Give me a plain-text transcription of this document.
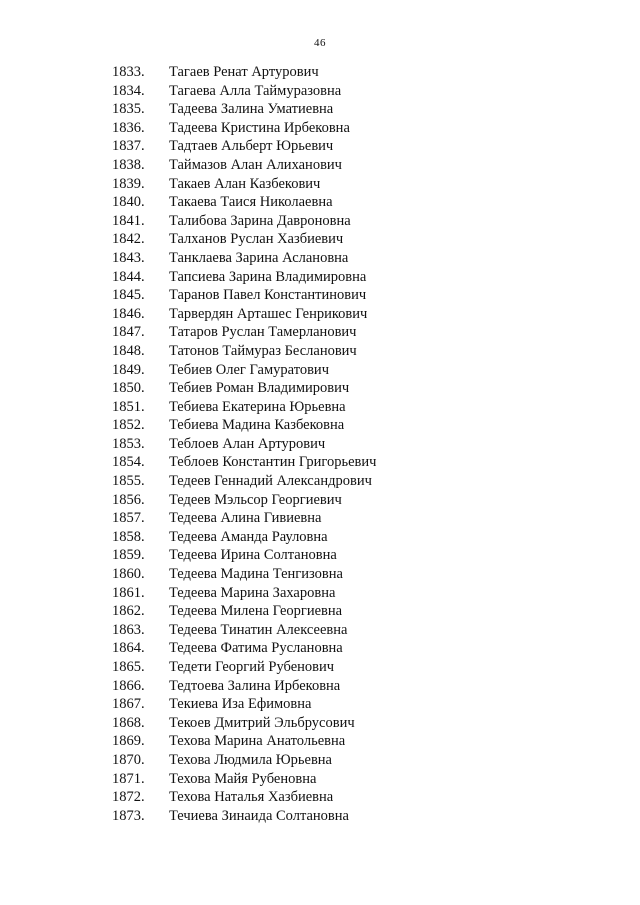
46
1833.	Тагаев Ренат Артурович
1834.	Тагаева Алла Таймуразовна
1835.	Тадеева Залина Уматиевна
1836.	Тадеева Кристина Ирбековна
1837.	Тадтаев Альберт Юрьевич
1838.	Таймазов Алан Алиханович
1839.	Такаев Алан Казбекович
1840.	Такаева Таися Николаевна
1841.	Талибова Зарина Давроновна
1842.	Талханов Руслан Хазбиевич
1843.	Танклаева Зарина Аслановна
1844.	Тапсиева Зарина Владимировна
1845.	Таранов Павел Константинович
1846.	Тарвердян Арташес Генрикович
1847.	Татаров Руслан Тамерланович
1848.	Татонов Таймураз Бесланович
1849.	Тебиев Олег Гамуратович
1850.	Тебиев Роман Владимирович
1851.	Тебиева Екатерина Юрьевна
1852.	Тебиева Мадина Казбековна
1853.	Теблоев Алан Артурович
1854.	Теблоев Константин Григорьевич
1855.	Тедеев Геннадий Александрович
1856.	Тедеев Мэльсор Георгиевич
1857.	Тедеева Алина Гивиевна
1858.	Тедеева Аманда Рауловна
1859.	Тедеева Ирина Солтановна
1860.	Тедеева Мадина Тенгизовна
1861.	Тедеева Марина Захаровна
1862.	Тедеева Милена Георгиевна
1863.	Тедеева Тинатин Алексеевна
1864.	Тедеева Фатима Руслановна
1865.	Тедети Георгий Рубенович
1866.	Тедтоева Залина Ирбековна
1867.	Текиева Иза Ефимовна
1868.	Текоев Дмитрий Эльбрусович
1869.	Техова Марина Анатольевна
1870.	Техова Людмила Юрьевна
1871.	Техова Майя Рубеновна
1872.	Техова Наталья Хазбиевна
1873.	Течиева Зинаида Солтановна
